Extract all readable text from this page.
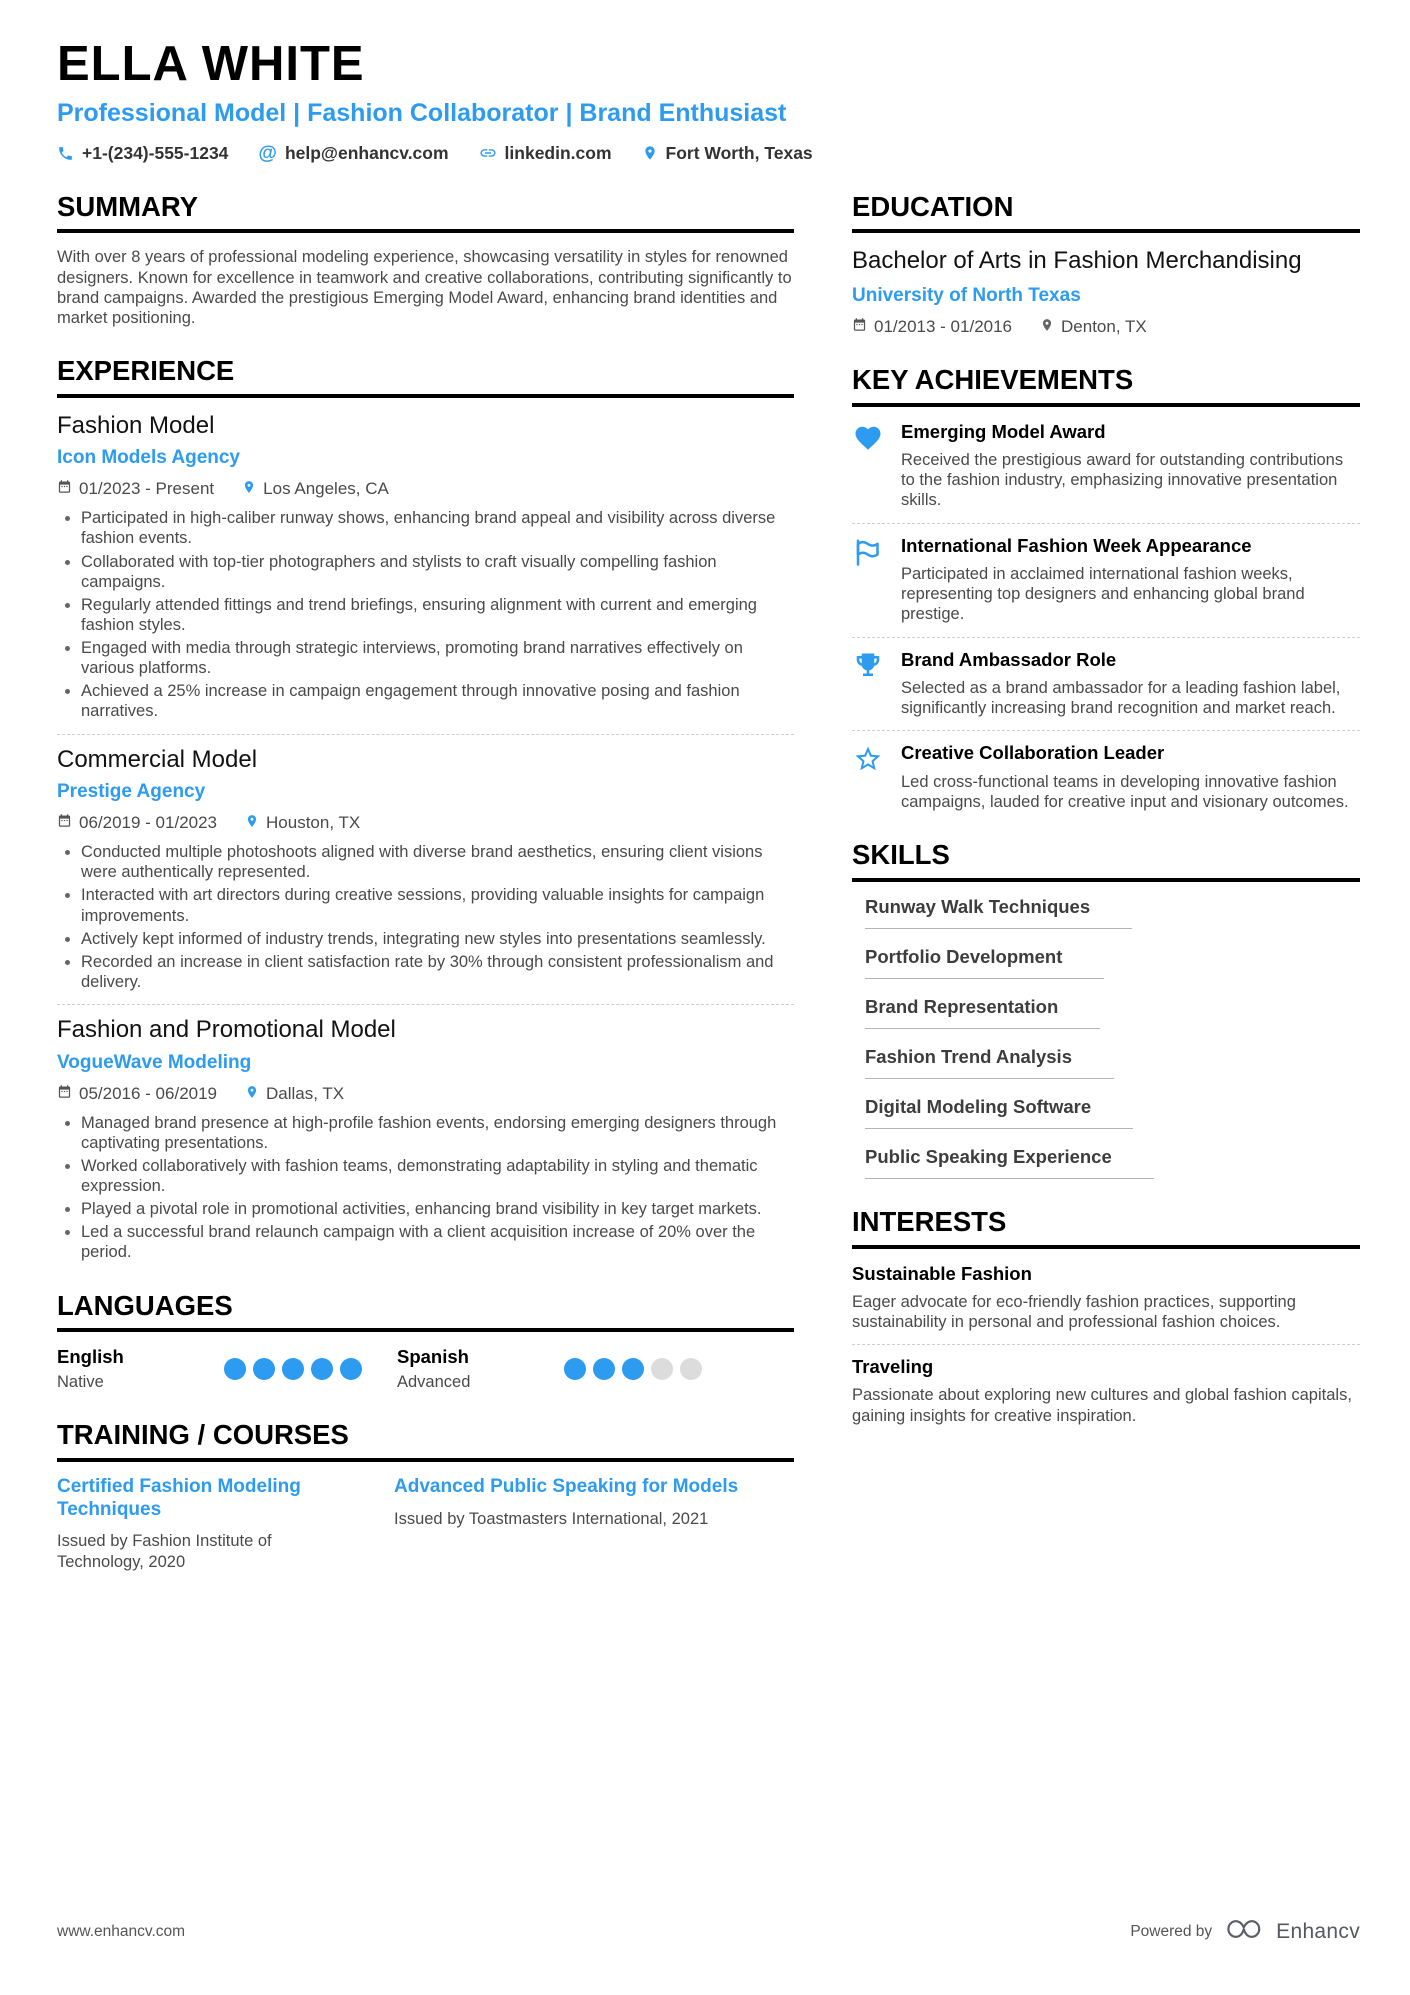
ELLA WHITE
Professional Model | Fashion Collaborator | Brand Enthusiast
+1-(234)-555-1234 @ help@enhancv.com	linkedin.com	Fort Worth, Texas
SUMMARY

With over 8 years of professional modeling experience, showcasing versatility in styles for renowned designers. Known for excellence in teamwork and creative collaborations, contributing significantly to brand campaigns. Awarded the prestigious Emerging Model Award, enhancing brand identities and market positioning.

EXPERIENCE
Fashion Model
Icon Models Agency
01/2023 - Present	Los Angeles, CA
Participated in high-caliber runway shows, enhancing brand appeal and visibility across diverse fashion events.
Collaborated with top-tier photographers and stylists to craft visually compelling fashion campaigns.
Regularly attended fittings and trend briefings, ensuring alignment with current and emerging fashion styles.
Engaged with media through strategic interviews, promoting brand narratives effectively on various platforms.
Achieved a 25% increase in campaign engagement through innovative posing and fashion narratives.
Commercial Model
Prestige Agency
06/2019 - 01/2023	Houston, TX
Conducted multiple photoshoots aligned with diverse brand aesthetics, ensuring client visions were authentically represented.
Interacted with art directors during creative sessions, providing valuable insights for campaign improvements.
Actively kept informed of industry trends, integrating new styles into presentations seamlessly.
Recorded an increase in client satisfaction rate by 30% through consistent professionalism and delivery.
Fashion and Promotional Model
VogueWave Modeling
05/2016 - 06/2019	Dallas, TX
Managed brand presence at high-profile fashion events, endorsing emerging designers through captivating presentations.
Worked collaboratively with fashion teams, demonstrating adaptability in styling and thematic expression.
Played a pivotal role in promotional activities, enhancing brand visibility in key target markets.
Led a successful brand relaunch campaign with a client acquisition increase of 20% over the period.
LANGUAGES
English
Native
Spanish
Advanced
TRAINING / COURSES
Certified Fashion Modeling Techniques
Issued by Fashion Institute of Technology, 2020
Advanced Public Speaking for Models
Issued by Toastmasters International, 2021
EDUCATION
Bachelor of Arts in Fashion Merchandising
University of North Texas
01/2013 - 01/2016	Denton, TX
KEY ACHIEVEMENTS
Emerging Model Award
Received the prestigious award for outstanding contributions to the fashion industry, emphasizing innovative presentation skills.
International Fashion Week Appearance
Participated in acclaimed international fashion weeks, representing top designers and enhancing global brand prestige.
Brand Ambassador Role
Selected as a brand ambassador for a leading fashion label, significantly increasing brand recognition and market reach.
Creative Collaboration Leader
Led cross-functional teams in developing innovative fashion campaigns, lauded for creative input and visionary outcomes.
SKILLS
Runway Walk Techniques
Portfolio Development
Brand Representation
Fashion Trend Analysis
Digital Modeling Software
Public Speaking Experience
INTERESTS
Sustainable Fashion
Eager advocate for eco-friendly fashion practices, supporting sustainability in personal and professional fashion choices.
Traveling
Passionate about exploring new cultures and global fashion capitals, gaining insights for creative inspiration.
www.enhancv.com	Powered by	Enhancv
